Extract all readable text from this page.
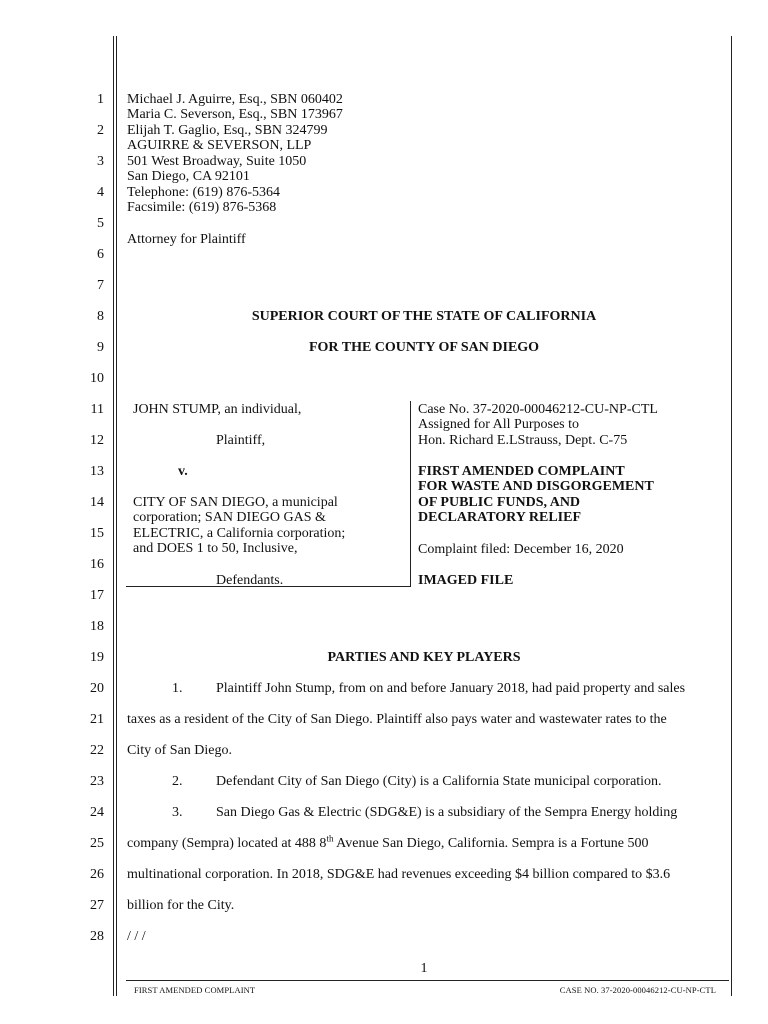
1
2
3
4
5
6
7
8
9
10
11
12
13
14
15
16
17
18
19
20
21
22
23
24
25
26
27
28
Michael J. Aguirre, Esq., SBN 060402
Maria C. Severson, Esq., SBN 173967
Elijah T. Gaglio, Esq., SBN 324799
AGUIRRE & SEVERSON, LLP
501 West Broadway, Suite 1050
San Diego, CA 92101
Telephone: (619) 876-5364
Facsimile: (619) 876-5368
Attorney for Plaintiff
SUPERIOR COURT OF THE STATE OF CALIFORNIA
FOR THE COUNTY OF SAN DIEGO
JOHN STUMP, an individual,
Plaintiff,
v.
CITY OF SAN DIEGO, a municipal
corporation; SAN DIEGO GAS &
ELECTRIC, a California corporation;
and DOES 1 to 50, Inclusive,
Defendants.
Case No. 37-2020-00046212-CU-NP-CTL
Assigned for All Purposes to
Hon. Richard E.LStrauss, Dept. C-75
FIRST AMENDED COMPLAINT
FOR WASTE AND DISGORGEMENT
OF PUBLIC FUNDS, AND
DECLARATORY RELIEF
Complaint filed: December 16, 2020
IMAGED FILE
PARTIES AND KEY PLAYERS
1. Plaintiff John Stump, from on and before January 2018, had paid property and sales
taxes as a resident of the City of San Diego. Plaintiff also pays water and wastewater rates to the
City of San Diego.
2. Defendant City of San Diego (City) is a California State municipal corporation.
3. San Diego Gas & Electric (SDG&E) is a subsidiary of the Sempra Energy holding
company (Sempra) located at 488 8th Avenue San Diego, California. Sempra is a Fortune 500
multinational corporation. In 2018, SDG&E had revenues exceeding $4 billion compared to $3.6
billion for the City.
/ / /
1
FIRST AMENDED COMPLAINT	CASE NO. 37-2020-00046212-CU-NP-CTL
